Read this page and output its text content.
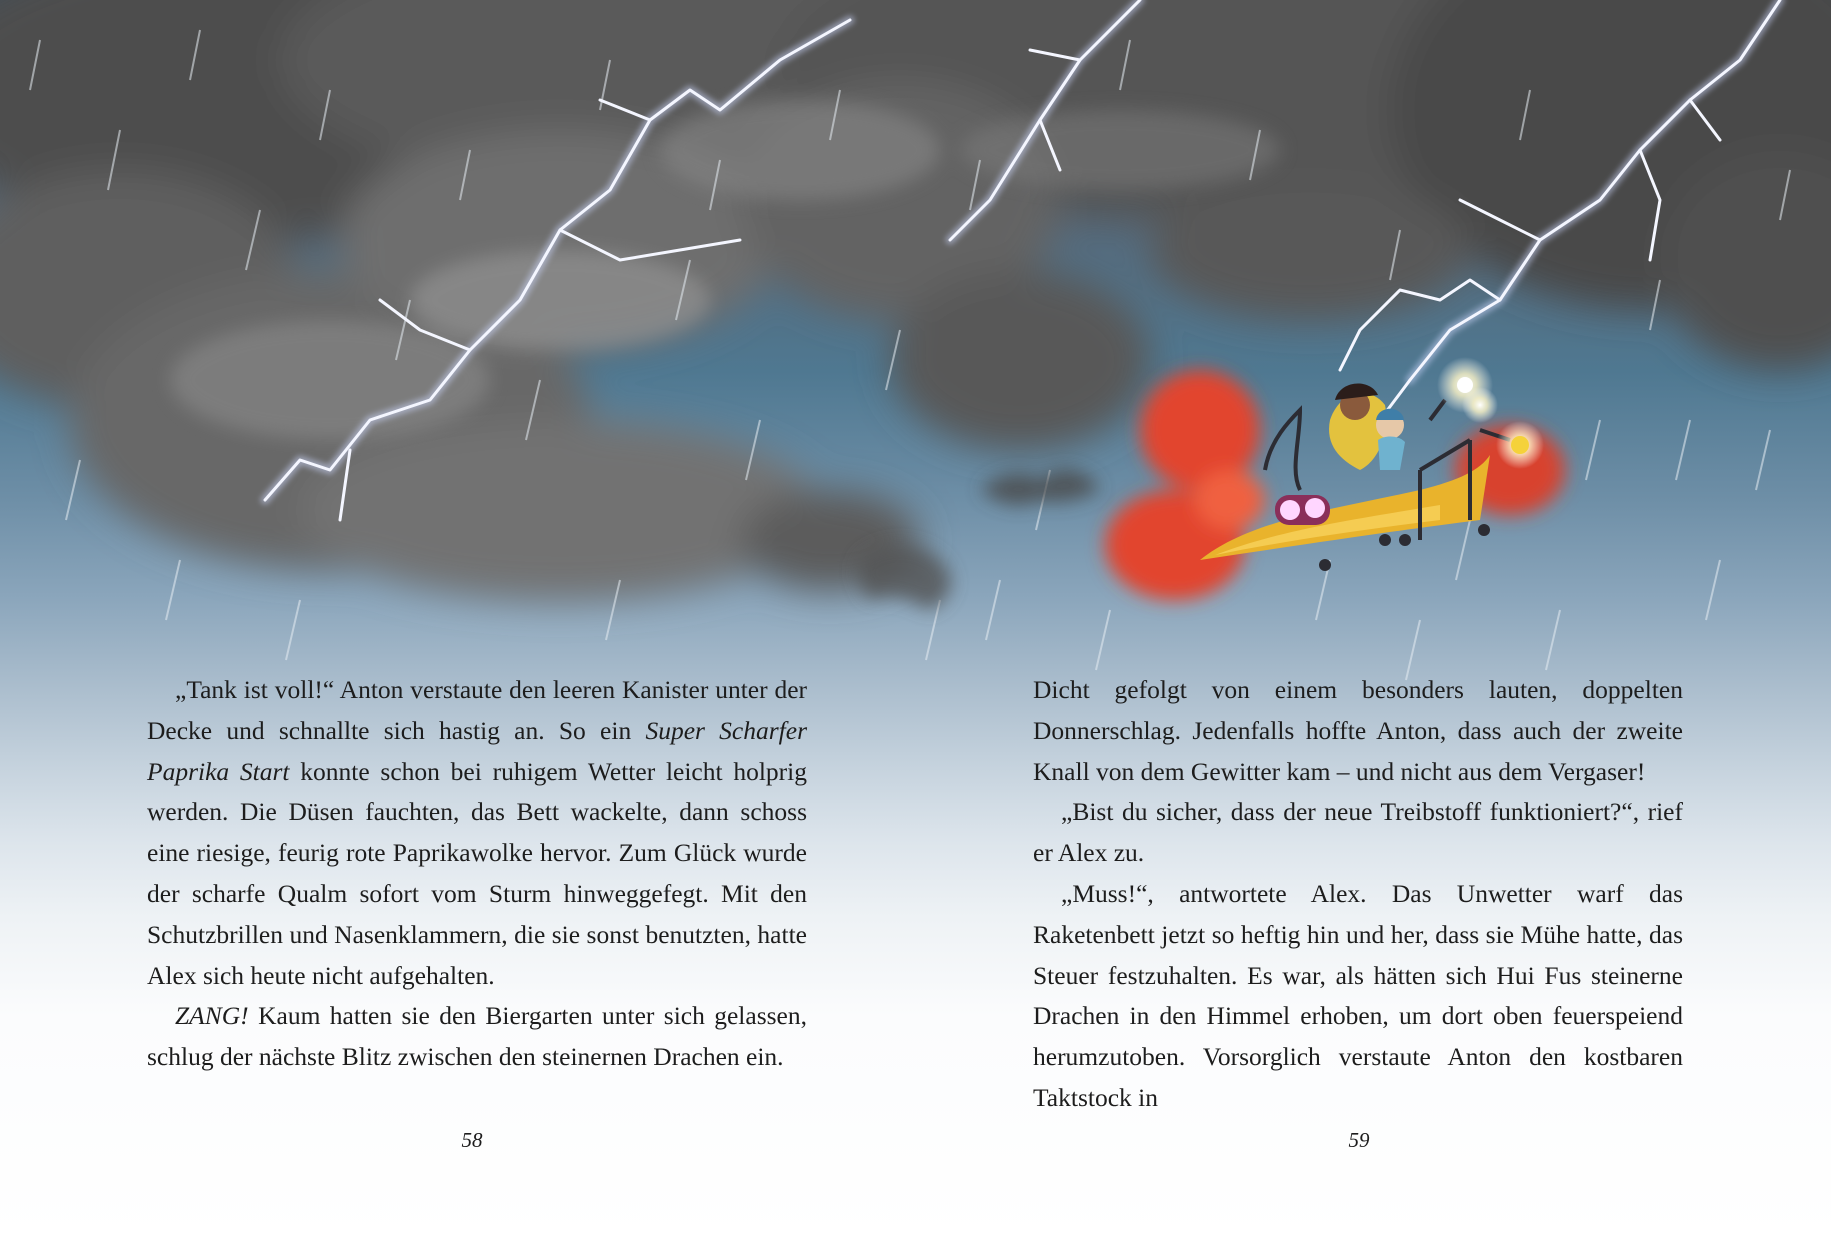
„Tank ist voll!“ Anton verstaute den leeren Kanister unter der Decke und schnallte sich hastig an. So ein Super Scharfer Paprika Start konnte schon bei ruhigem Wetter leicht holprig werden. Die Düsen fauchten, das Bett wackelte, dann schoss eine riesige, feurig rote Paprikawolke hervor. Zum Glück wurde der scharfe Qualm sofort vom Sturm hinweggefegt. Mit den Schutzbrillen und Nasenklammern, die sie sonst benutzten, hatte Alex sich heute nicht aufgehalten.

ZANG! Kaum hatten sie den Biergarten unter sich gelassen, schlug der nächste Blitz zwischen den steinernen Drachen ein.

Dicht gefolgt von einem besonders lauten, doppelten Donnerschlag. Jedenfalls hoffte Anton, dass auch der zweite Knall von dem Gewitter kam – und nicht aus dem Vergaser!

„Bist du sicher, dass der neue Treibstoff funktioniert?“, rief er Alex zu.

„Muss!“, antwortete Alex. Das Unwetter warf das Raketenbett jetzt so heftig hin und her, dass sie Mühe hatte, das Steuer festzuhalten. Es war, als hätten sich Hui Fus steinerne Drachen in den Himmel erhoben, um dort oben feuerspeiend herumzutoben. Vorsorglich verstaute Anton den kostbaren Taktstock in

58	59
